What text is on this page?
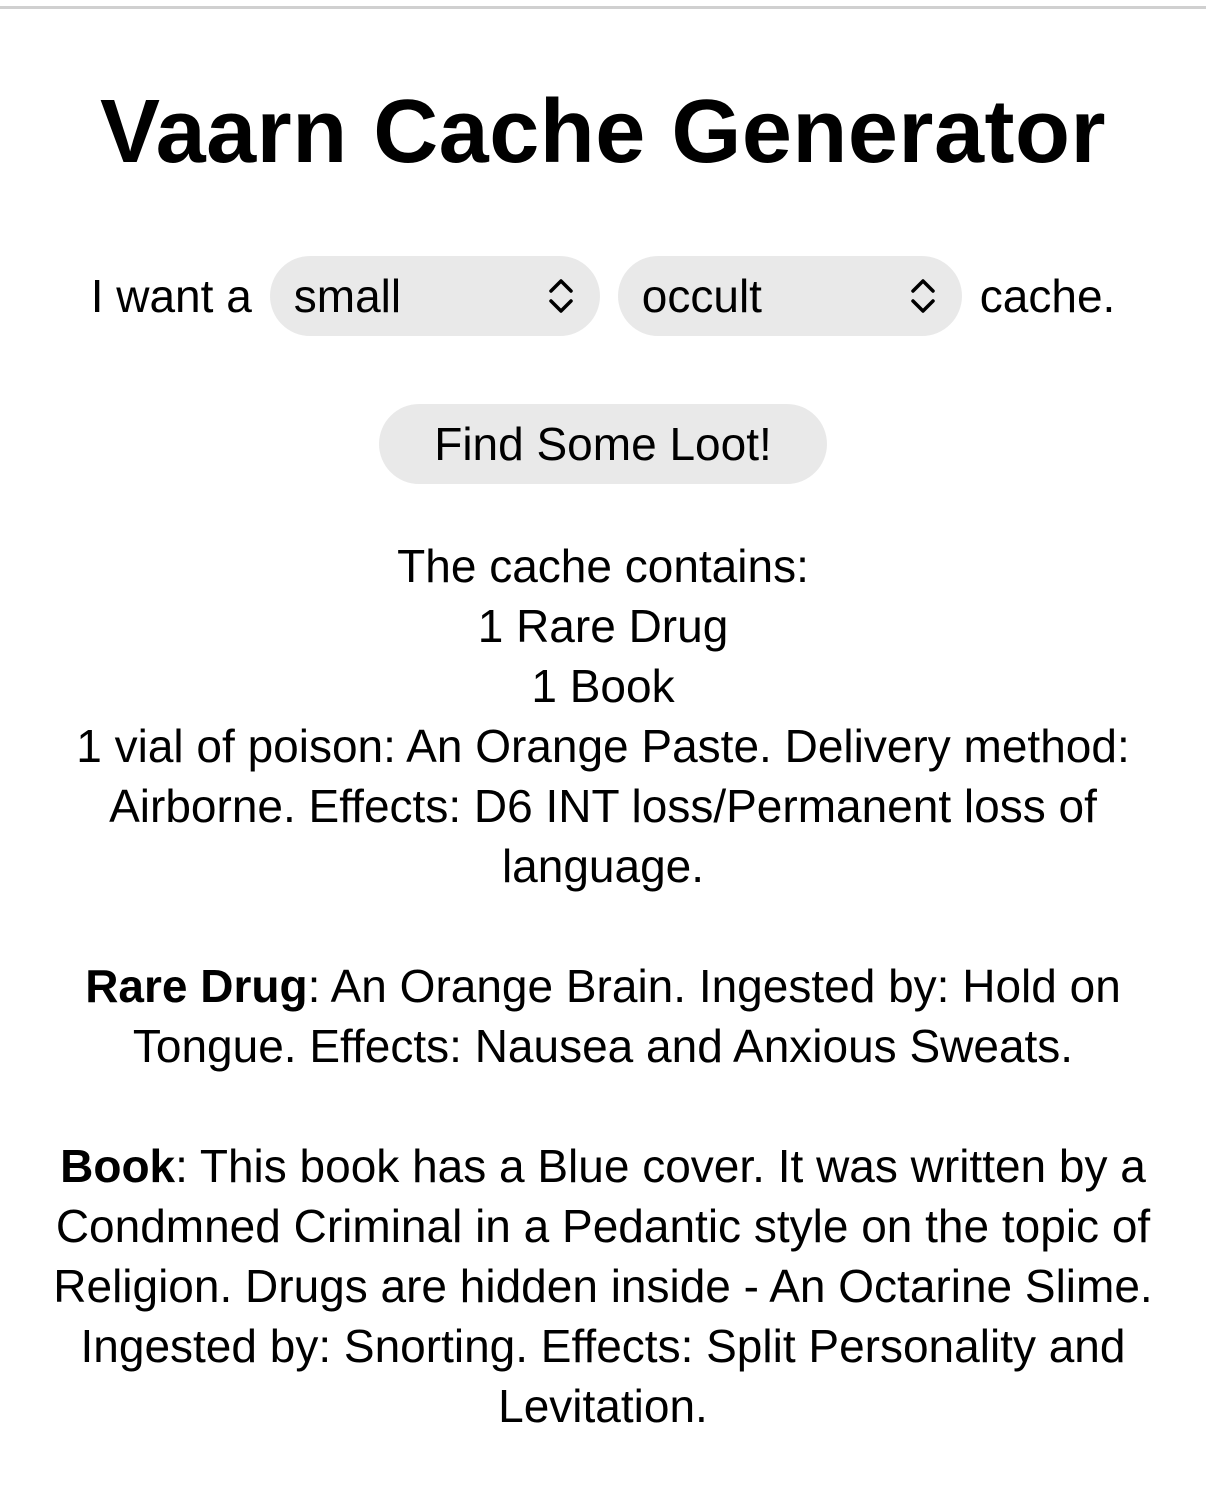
Vaarn Cache Generator
I want a small	occult	cache.
Find Some Loot!
The cache contains:
1 Rare Drug
1 Book
1 vial of poison: An Orange Paste. Delivery method: Airborne. Effects: D6 INT loss/Permanent loss of language.
Rare Drug: An Orange Brain. Ingested by: Hold on Tongue. Effects: Nausea and Anxious Sweats.
Book: This book has a Blue cover. It was written by a Condmned Criminal in a Pedantic style on the topic of Religion. Drugs are hidden inside - An Octarine Slime. Ingested by: Snorting. Effects: Split Personality and Levitation.
